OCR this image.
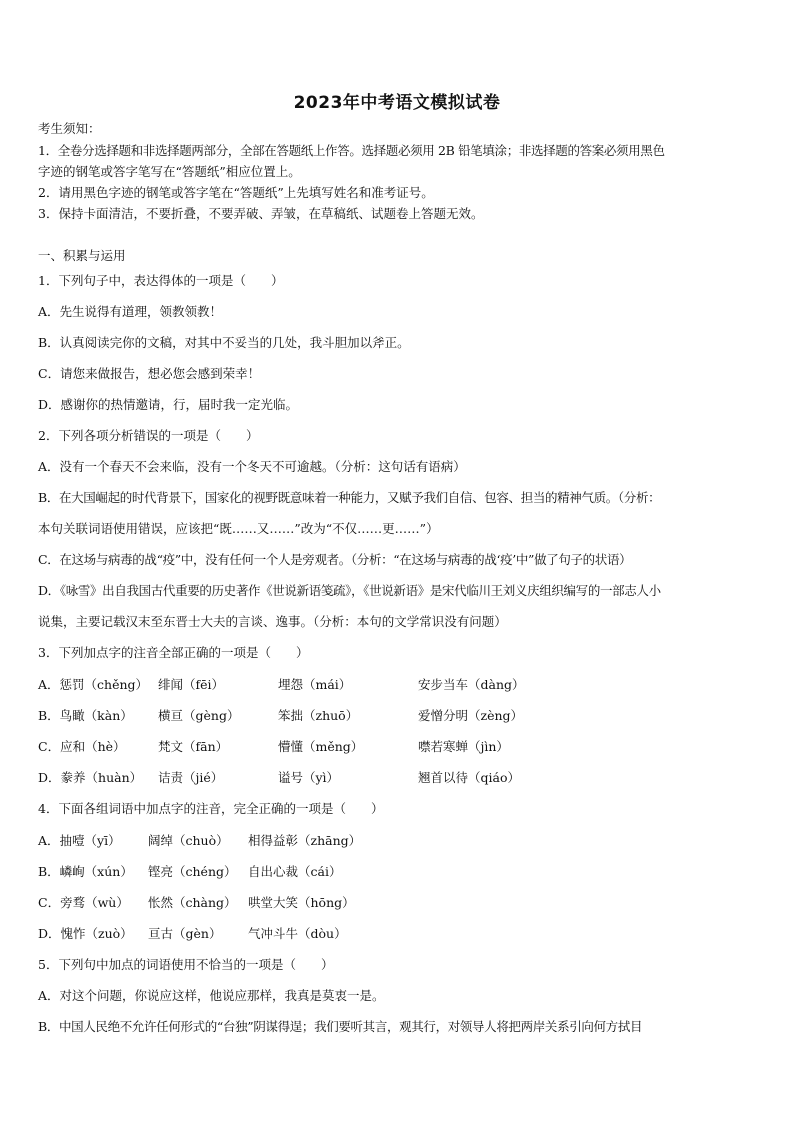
2023年中考语文模拟试卷
考生须知：
1．全卷分选择题和非选择题两部分，全部在答题纸上作答。选择题必须用 2B 铅笔填涂；非选择题的答案必须用黑色
字迹的钢笔或答字笔写在“答题纸”相应位置上。
2．请用黑色字迹的钢笔或答字笔在“答题纸”上先填写姓名和准考证号。
3．保持卡面清洁，不要折叠，不要弄破、弄皱，在草稿纸、试题卷上答题无效。
一、积累与运用
1．下列句子中，表达得体的一项是（　　）
A．先生说得有道理，领教领教！
B．认真阅读完你的文稿，对其中不妥当的几处，我斗胆加以斧正。
C．请您来做报告，想必您会感到荣幸！
D．感谢你的热情邀请，行，届时我一定光临。
2．下列各项分析错误的一项是（　　）
A．没有一个春天不会来临，没有一个冬天不可逾越。（分析：这句话有语病）
B．在大国崛起的时代背景下，国家化的视野既意味着一种能力，又赋予我们自信、包容、担当的精神气质。（分析：
本句关联词语使用错误，应该把“既……又……”改为“不仅……更……”）
C．在这场与病毒的战“疫”中，没有任何一个人是旁观者。（分析：“在这场与病毒的战‘疫’中”做了句子的状语）
D．《咏雪》出自我国古代重要的历史著作《世说新语笺疏》，《世说新语》是宋代临川王刘义庆组织编写的一部志人小
说集，主要记载汉末至东晋士大夫的言谈、逸事。（分析：本句的文学常识没有问题）
3．下列加点字的注音全部正确的一项是（　　）
A．惩罚（chěng） 绯闻（fēi）	埋怨（mái）	安步当车（dàng）
B．鸟瞰（kàn）	横亘（gèng）	笨拙（zhuō）	爱憎分明（zèng）
C．应和（hè）	梵文（fān）	懵懂（měng）	噤若寒蝉（jìn）
D．豢养（huàn）	诘责（jié）	谥号（yì）	翘首以待（qiáo）
4．下面各组词语中加点字的注音，完全正确的一项是（　　）
A．抽噎（yī）	阔绰（chuò）	相得益彰（zhāng）
B．嶙峋（xún）	铿亮（chéng） 自出心裁（cái）
C．旁骛（wù）	怅然（chàng） 哄堂大笑（hōng）
D．愧怍（zuò）	亘古（gèn）	气冲斗牛（dòu）
5．下列句中加点的词语使用不恰当的一项是（　　）
A．对这个问题，你说应这样，他说应那样，我真是莫衷一是。
B．中国人民绝不允许任何形式的“台独”阴谋得逞；我们要听其言，观其行，对领导人将把两岸关系引向何方拭目
